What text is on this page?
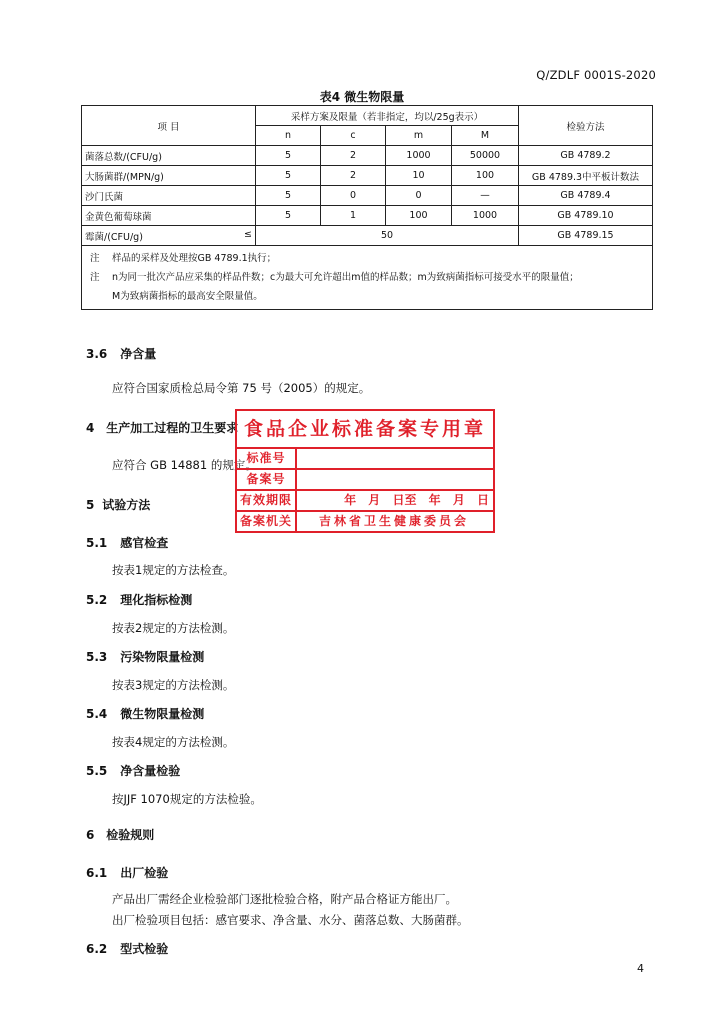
Q/ZDLF 0001S-2020
表4 微生物限量
项 目	采样方案及限量（若非指定，均以/25g表示）				检验方法
	n	c	m	M	
菌落总数/(CFU/g)	5	2	1000	50000	GB 4789.2
大肠菌群/(MPN/g)	5	2	10	100	GB 4789.3中平板计数法
沙门氏菌	5	0	0	—	GB 4789.4
金黄色葡萄球菌	5	1	100	1000	GB 4789.10
霉菌/(CFU/g) ≤	50				GB 4789.15

注 样品的采样及处理按GB 4789.1执行；
注 n为同一批次产品应采集的样品件数；c为最大可允许超出m值的样品数；m为致病菌指标可接受水平的限量值；
M为致病菌指标的最高安全限量值。					
3.6 净含量
应符合国家质检总局令第 75 号（2005）的规定。
4 生产加工过程的卫生要求
应符合 GB 14881 的规定。
5 试验方法
5.1 感官检查
按表1规定的方法检查。
5.2 理化指标检测
按表2规定的方法检测。
5.3 污染物限量检测
按表3规定的方法检测。
5.4 微生物限量检测
按表4规定的方法检测。
5.5 净含量检验
按JJF 1070规定的方法检验。
6 检验规则
6.1 出厂检验
产品出厂需经企业检验部门逐批检验合格，附产品合格证方能出厂。
出厂检验项目包括：感官要求、净含量、水分、菌落总数、大肠菌群。
6.2 型式检验
4
食品企业标准备案专用章
标准号
备案号
有效期限	年 月 日至 年 月 日
备案机关	吉林省卫生健康委员会
